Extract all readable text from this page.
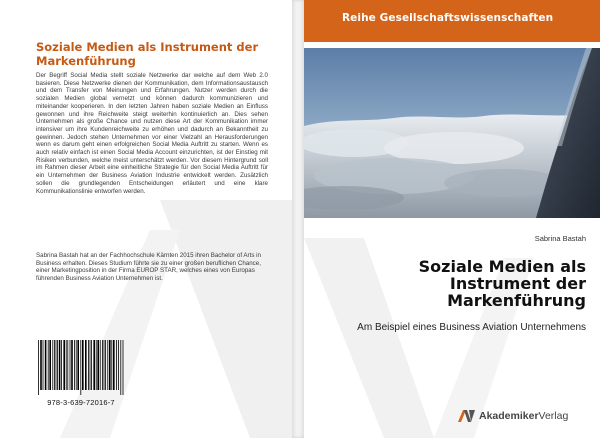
Soziale Medien als Instrument der Markenführung

Der Begriff Social Media stellt soziale Netzwerke dar welche auf dem Web 2.0 basieren. Diese Netzwerke dienen der Kommunikation, dem Informationsaustausch und dem Transfer von Meinungen und Erfahrungen. Nutzer werden durch die sozialen Medien global vernetzt und können dadurch kommunizieren und miteinander kooperieren. In den letzten Jahren haben soziale Medien an Einfluss gewonnen und ihre Reichweite steigt weiterhin kontinuierlich an. Dies sehen Unternehmen als große Chance und nutzen diese Art der Kommunikation immer intensiver um ihre Kundenreichweite zu erhöhen und dadurch an Bekanntheit zu gewinnen. Jedoch stehen Unternehmen vor einer Vielzahl an Herausforderungen wenn es darum geht einen erfolgreichen Social Media Auftritt zu starten. Wenn es auch relativ einfach ist einen Social Media Account einzurichten, ist der Einstieg mit Risiken verbunden, welche meist unterschätzt werden. Vor diesem Hintergrund soll im Rahmen dieser Arbeit eine einheitliche Strategie für den Social Media Auftritt für ein Unternehmen der Business Aviation Industrie entwickelt werden. Zusätzlich sollen die grundlegenden Entscheidungen erläutert und eine klare Kommunikationslinie entworfen werden.

Sabrina Bastah hat an der Fachhochschule Kärnten 2015 ihren Bachelor of Arts in Business erhalten. Dieses Studium führte sie zu einer großen beruflichen Chance, einer Marketingposition in der Firma EUROP STAR, welches eines von Europas führenden Business Aviation Unternehmen ist.

978-3-639-72016-7

Reihe Gesellschaftswissenschaften

Sabrina Bastah

Soziale Medien als
Instrument der
Markenführung

Am Beispiel eines Business Aviation Unternehmens

AkademikerVerlag
